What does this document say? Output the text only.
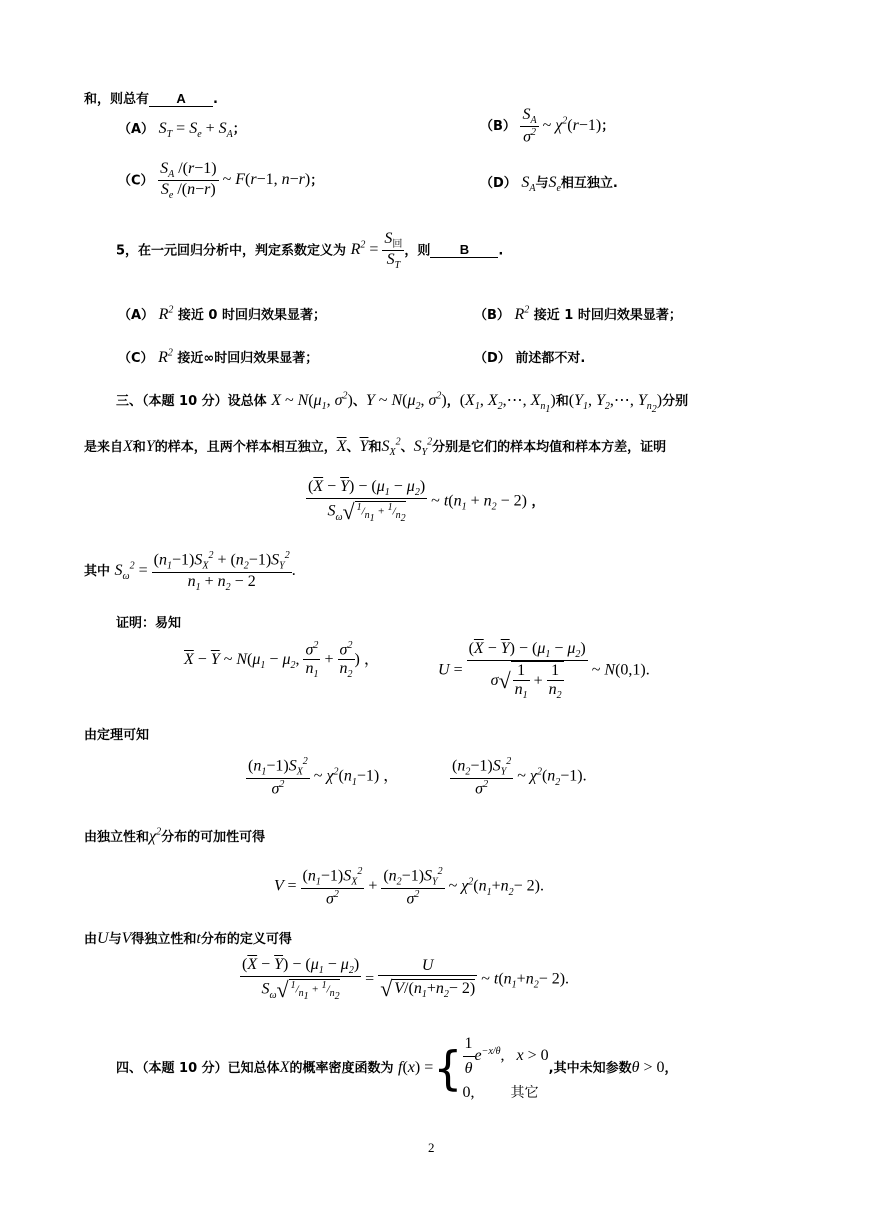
和，则总有 A .
（A） $S_T = S_e + S_A$；	$(B) \frac{S_A}{\sigma^2}$ ~ $\chi^2(r-1)$；
$(C) \frac{S_A /(r-1)}{S_e /(n-r)}$ ~ F(r−1, n−r)；	（D） $S_A$与$S_e$相互独立.
5，在一元回归分析中，判定系数定义为 $R^2 = \frac{S_回}{S_T}$ ，则 B .
（A） $R^2$ 接近 0 时回归效果显著；	（B） $R^2$ 接近 1 时回归效果显著；
（C） $R^2$ 接近∞时回归效果显著；	（D） 前述都不对.
三、（本题 10 分）设总体 X ~ $N(\mu_1$, $\sigma^2$)、Y ~ $N(\mu_2$, $\sigma^2$)，($X_1$, $X_2,\cdots$, $X_{n_1}$)和($Y_1$, $Y_2,\cdots$, $Y_{n_2}$)分别
是来自X和Y的样本，且两个样本相互独立，$\overline{X}$、$\overline{Y}$和$S_X^2$、$S_Y^2$分别是它们的样本均值和样本方差，证明
$\frac{(\overline{X} - \overline{Y}) - (\mu_1 - \mu_2)}{S_\omega√ ^1/_{n_1} + ^1/_{n_2}}$ ~ $t(n_1 + n_2 - 2)$ ，
其中 $S_\omega^2 = \frac{(n_1-1)S_X^2 + (n_2-1)S_Y^2}{n_1 + n_2 - 2}$ .
证明：易知
$\overline{X} - \overline{Y}$ ~ $N(\mu_1 - \mu_2$, $\frac{\sigma^2}{n_1} + \frac{\sigma^2}{n_2}$ ) ，
$U = \frac{(\overline{X} - \overline{Y}) - (\mu_1 - \mu_2)}{\sigma√ \frac{1}{n_1} + \frac{1}{n_2}}$ ~ N(0,1).
由定理可知
$\frac{(n_1-1)S_X^2}{\sigma^2}$ ~ $\chi^2(n_1-1)$ ，	$\frac{(n_2-1)S_Y^2}{\sigma^2}$ ~ $\chi^2(n_2-1)$.
由独立性和$\chi^2$分布的可加性可得
$V = \frac{(n_1-1)S_X^2}{\sigma^2} + \frac{(n_2-1)S_Y^2}{\sigma^2}$ ~ $\chi^2(n_1+n_2- 2)$.
由U与V得独立性和t分布的定义可得
$\frac{(\overline{X} - \overline{Y}) - (\mu_1 - \mu_2)}{S_\omega√ ^1/_{n_1} + ^1/_{n_2}} = \frac{U}{√ V/(n_1+n_2- 2)}$ ~ $t(n_1+n_2- 2)$.
四、（本题 10 分）已知总体X的概率密度函数为 f(x) ={ $\frac{1}{\theta} e^{-x/\theta}$,   x > 0
0,	其它
,其中未知参数θ > 0，
2
